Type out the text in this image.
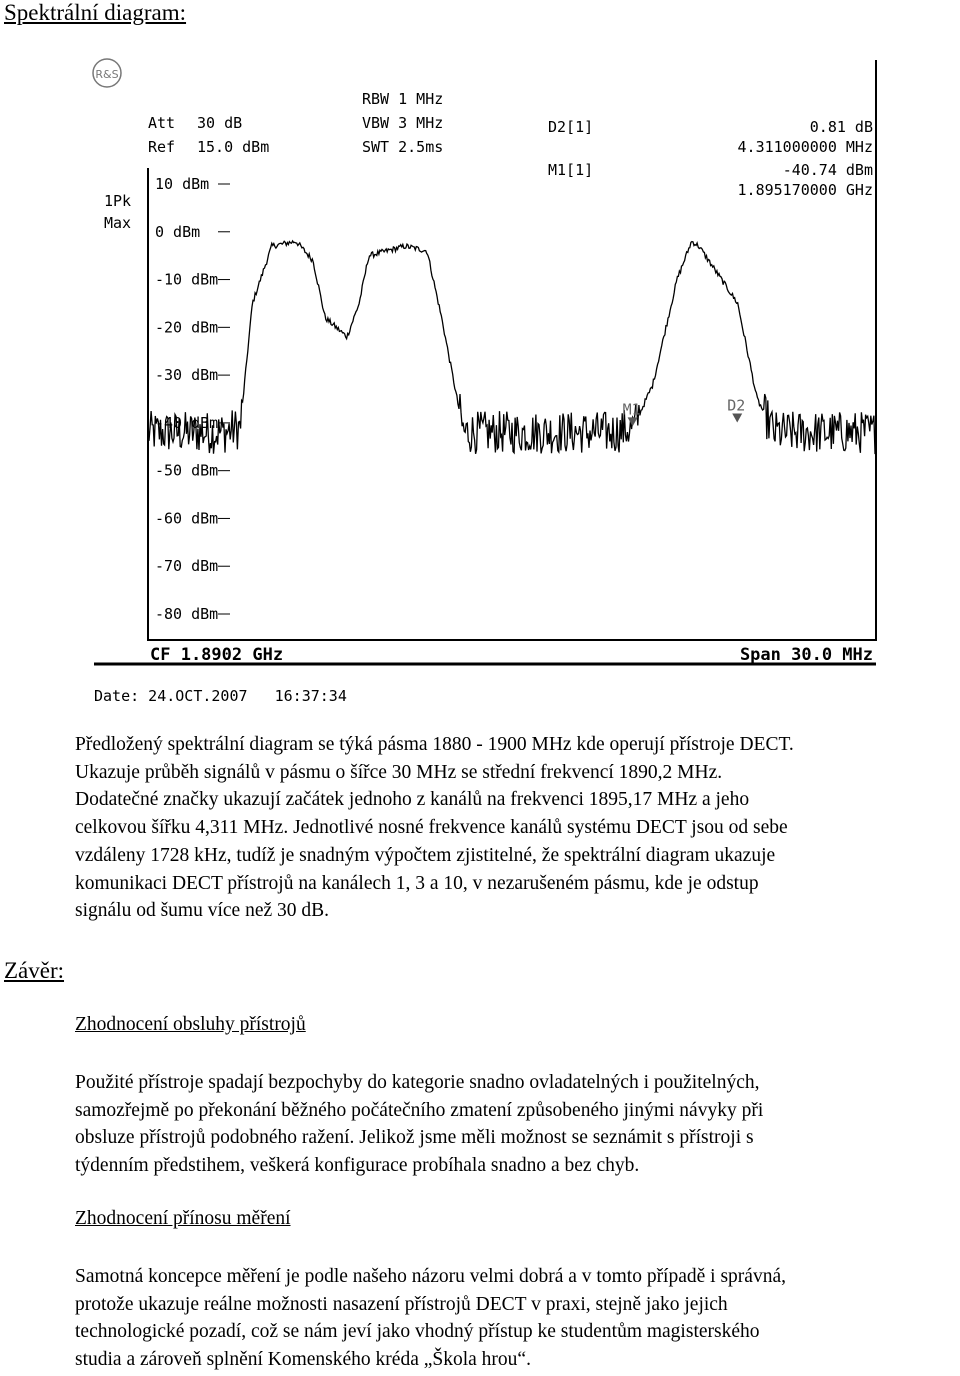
Spektrální diagram:
R&S
Att 30 dB
Ref 15.0 dBm
RBW 1 MHz
VBW 3 MHz
SWT 2.5ms
1Pk
Max
D2[1]	0.81 dB
4.311000000 MHz
M1[1]	-40.74 dBm
1.895170000 GHz
10 dBm
0 dBm
-10 dBm
-20 dBm
-30 dBm
-40 dBm
-50 dBm
-60 dBm
-70 dBm
-80 dBm
M1	D2
CF 1.8902 GHz	Span 30.0 MHz
Date: 24.OCT.2007   16:37:34
Předložený spektrální diagram se týká pásma 1880 - 1900 MHz kde operují přístroje DECT.
Ukazuje průběh signálů v pásmu o šířce 30 MHz se střední frekvencí 1890,2 MHz.
Dodatečné značky ukazují začátek jednoho z kanálů na frekvenci 1895,17 MHz a jeho
celkovou šířku 4,311 MHz. Jednotlivé nosné frekvence kanálů systému DECT jsou od sebe
vzdáleny 1728 kHz, tudíž je snadným výpočtem zjistitelné, že spektrální diagram ukazuje
komunikaci DECT přístrojů na kanálech 1, 3 a 10, v nezarušeném pásmu, kde je odstup
signálu od šumu více než 30 dB.
Závěr:
Zhodnocení obsluhy přístrojů
Použité přístroje spadají bezpochyby do kategorie snadno ovladatelných i použitelných,
samozřejmě po překonání běžného počátečního zmatení způsobeného jinými návyky při
obsluze přístrojů podobného ražení. Jelikož jsme měli možnost se seznámit s přístroji s
týdenním předstihem, veškerá konfigurace probíhala snadno a bez chyb.
Zhodnocení přínosu měření
Samotná koncepce měření je podle našeho názoru velmi dobrá a v tomto případě i správná,
protože ukazuje reálne možnosti nasazení přístrojů DECT v praxi, stejně jako jejich
technologické pozadí, což se nám jeví jako vhodný přístup ke studentům magisterského
studia a zároveň splnění Komenského kréda „Škola hrou“.
